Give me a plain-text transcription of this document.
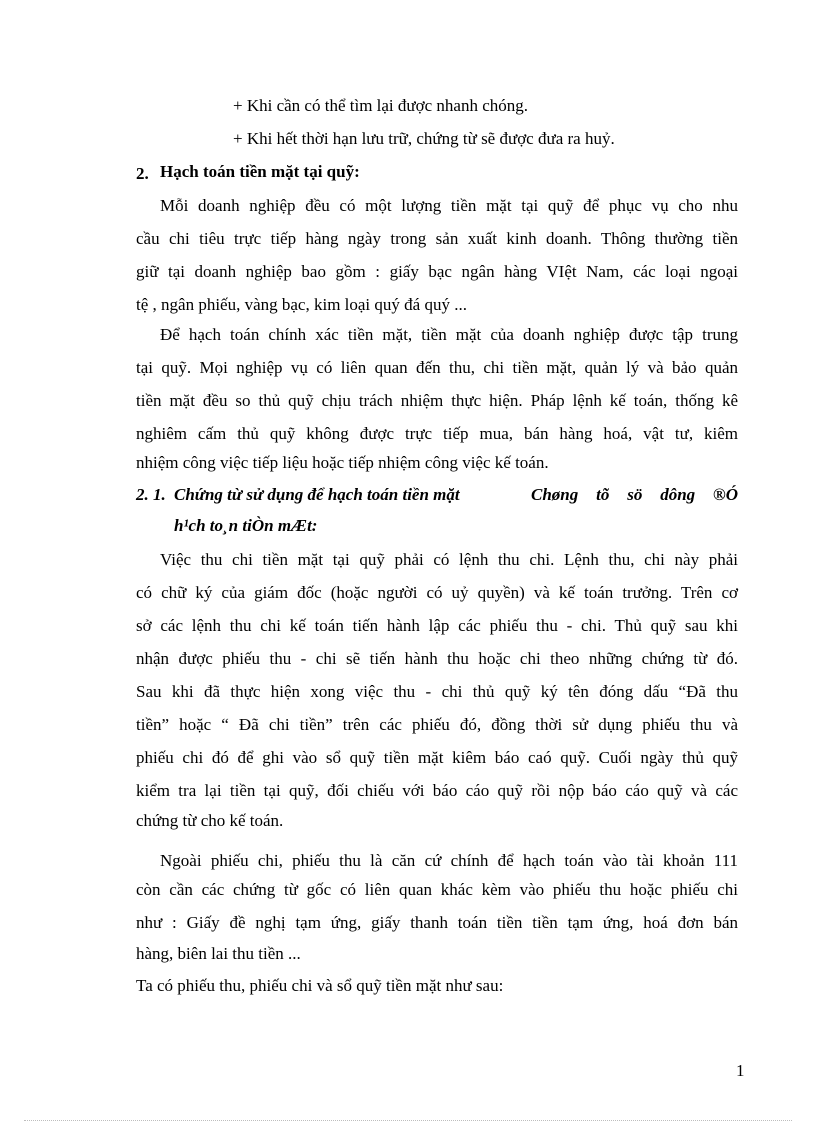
+ Khi cần có thể tìm lại được nhanh chóng.
+ Khi hết thời hạn lưu trữ, chứng từ sẽ được đưa ra huỷ.
2. Hạch toán tiền mặt tại quỹ:
Mỗi doanh nghiệp đều có một lượng tiền mặt tại quỹ để phục vụ cho nhu
cầu chi tiêu trực tiếp hàng ngày trong sản xuất kinh doanh. Thông thường tiền
giữ tại doanh nghiệp bao gồm : giấy bạc ngân hàng VIệt Nam, các loại ngoại
tệ , ngân phiếu, vàng bạc, kim loại quý đá quý ...
Để hạch toán chính xác tiền mặt, tiền mặt của doanh nghiệp được tập trung
tại quỹ. Mọi nghiệp vụ có liên quan đến thu, chi tiền mặt, quản lý và bảo quản
tiền mặt đều so thủ quỹ chịu trách nhiệm thực hiện. Pháp lệnh kế toán, thống kê
nghiêm cấm thủ quỹ không được trực tiếp mua, bán hàng hoá, vật tư, kiêm
nhiệm công việc tiếp liệu hoặc tiếp nhiệm công việc kế toán.
2. 1. Chứng từ sử dụng để hạch toán tiền mặt	Chøng tõ sö dông ®Ó
h¹ch to¸n tiÒn mÆt:
Việc thu chi tiền mặt tại quỹ phải có lệnh thu chi. Lệnh thu, chi này phải
có chữ ký của giám đốc (hoặc người có uỷ quyền) và kế toán trưởng. Trên cơ
sở các lệnh thu chi kế toán tiến hành lập các phiếu thu - chi. Thủ quỹ sau khi
nhận được phiếu thu - chi sẽ tiến hành thu hoặc chi theo những chứng từ đó.
Sau khi đã thực hiện xong việc thu - chi thủ quỹ ký tên đóng dấu “Đã thu
tiền” hoặc “ Đã chi tiền” trên các phiếu đó, đồng thời sử dụng phiếu thu và
phiếu chi đó để ghi vào sổ quỹ tiền mặt kiêm báo caó quỹ. Cuối ngày thủ quỹ
kiểm tra lại tiền tại quỹ, đối chiếu với báo cáo quỹ rồi nộp báo cáo quỹ và các
chứng từ cho kế toán.
Ngoài phiếu chi, phiếu thu là căn cứ chính để hạch toán vào tài khoản 111
còn cần các chứng từ gốc có liên quan khác kèm vào phiếu thu hoặc phiếu chi
như : Giấy đề nghị tạm ứng, giấy thanh toán tiền tiền tạm ứng, hoá đơn bán
hàng, biên lai thu tiền ...
Ta có phiếu thu, phiếu chi và sổ quỹ tiền mặt như sau:
1
